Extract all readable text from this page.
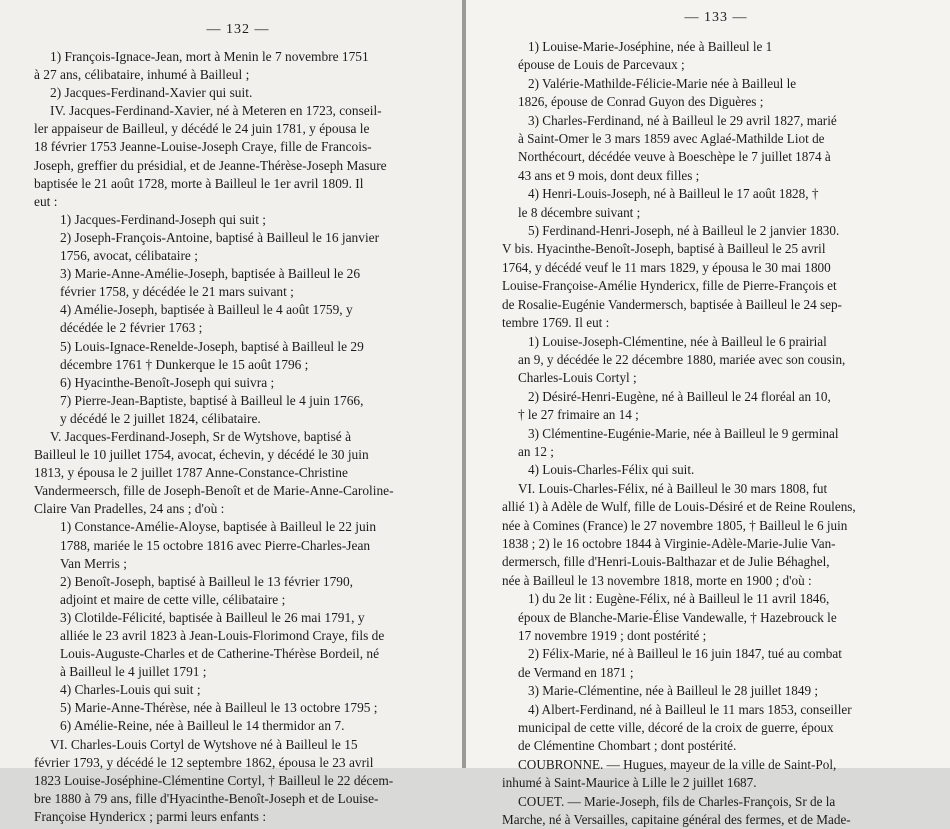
— 132 —
1) François-Ignace-Jean, mort à Menin le 7 novembre 1751
à 27 ans, célibataire, inhumé à Bailleul ;
2) Jacques-Ferdinand-Xavier qui suit.
IV. Jacques-Ferdinand-Xavier, né à Meteren en 1723, conseil-
ler appaiseur de Bailleul, y décédé le 24 juin 1781, y épousa le
18 février 1753 Jeanne-Louise-Joseph Craye, fille de Francois-
Joseph, greffier du présidial, et de Jeanne-Thérèse-Joseph Masure
baptisée le 21 août 1728, morte à Bailleul le 1er avril 1809. Il
eut :
1) Jacques-Ferdinand-Joseph qui suit ;
2) Joseph-François-Antoine, baptisé à Bailleul le 16 janvier
1756, avocat, célibataire ;
3) Marie-Anne-Amélie-Joseph, baptisée à Bailleul le 26
février 1758, y décédée le 21 mars suivant ;
4) Amélie-Joseph, baptisée à Bailleul le 4 août 1759, y
décédée le 2 février 1763 ;
5) Louis-Ignace-Renelde-Joseph, baptisé à Bailleul le 29
décembre 1761 † Dunkerque le 15 août 1796 ;
6) Hyacinthe-Benoît-Joseph qui suivra ;
7) Pierre-Jean-Baptiste, baptisé à Bailleul le 4 juin 1766,
y décédé le 2 juillet 1824, célibataire.
V. Jacques-Ferdinand-Joseph, Sr de Wytshove, baptisé à
Bailleul le 10 juillet 1754, avocat, échevin, y décédé le 30 juin
1813, y épousa le 2 juillet 1787 Anne-Constance-Christine
Vandermeersch, fille de Joseph-Benoît et de Marie-Anne-Caroline-
Claire Van Pradelles, 24 ans ; d'où :
1) Constance-Amélie-Aloyse, baptisée à Bailleul le 22 juin
1788, mariée le 15 octobre 1816 avec Pierre-Charles-Jean
Van Merris ;
2) Benoît-Joseph, baptisé à Bailleul le 13 février 1790,
adjoint et maire de cette ville, célibataire ;
3) Clotilde-Félicité, baptisée à Bailleul le 26 mai 1791, y
alliée le 23 avril 1823 à Jean-Louis-Florimond Craye, fils de
Louis-Auguste-Charles et de Catherine-Thérèse Bordeil, né
à Bailleul le 4 juillet 1791 ;
4) Charles-Louis qui suit ;
5) Marie-Anne-Thérèse, née à Bailleul le 13 octobre 1795 ;
6) Amélie-Reine, née à Bailleul le 14 thermidor an 7.
VI. Charles-Louis Cortyl de Wytshove né à Bailleul le 15
février 1793, y décédé le 12 septembre 1862, épousa le 23 avril
1823 Louise-Joséphine-Clémentine Cortyl, † Bailleul le 22 décem-
bre 1880 à 79 ans, fille d'Hyacinthe-Benoît-Joseph et de Louise-
Françoise Hyndericx ; parmi leurs enfants :
— 133 —
1) Louise-Marie-Joséphine, née à Bailleul le 1
épouse de Louis de Parcevaux ;
2) Valérie-Mathilde-Félicie-Marie née à Bailleul le
1826, épouse de Conrad Guyon des Diguères ;
3) Charles-Ferdinand, né à Bailleul le 29 avril 1827, marié
à Saint-Omer le 3 mars 1859 avec Aglaé-Mathilde Liot de
Northécourt, décédée veuve à Boeschèpe le 7 juillet 1874 à
43 ans et 9 mois, dont deux filles ;
4) Henri-Louis-Joseph, né à Bailleul le 17 août 1828, †
le 8 décembre suivant ;
5) Ferdinand-Henri-Joseph, né à Bailleul le 2 janvier 1830.
V bis. Hyacinthe-Benoît-Joseph, baptisé à Bailleul le 25 avril
1764, y décédé veuf le 11 mars 1829, y épousa le 30 mai 1800
Louise-Françoise-Amélie Hyndericx, fille de Pierre-François et
de Rosalie-Eugénie Vandermersch, baptisée à Bailleul le 24 sep-
tembre 1769. Il eut :
1) Louise-Joseph-Clémentine, née à Bailleul le 6 prairial
an 9, y décédée le 22 décembre 1880, mariée avec son cousin,
Charles-Louis Cortyl ;
2) Désiré-Henri-Eugène, né à Bailleul le 24 floréal an 10,
† le 27 frimaire an 14 ;
3) Clémentine-Eugénie-Marie, née à Bailleul le 9 germinal
an 12 ;
4) Louis-Charles-Félix qui suit.
VI. Louis-Charles-Félix, né à Bailleul le 30 mars 1808, fut
allié 1) à Adèle de Wulf, fille de Louis-Désiré et de Reine Roulens,
née à Comines (France) le 27 novembre 1805, † Bailleul le 6 juin
1838 ; 2) le 16 octobre 1844 à Virginie-Adèle-Marie-Julie Van-
dermersch, fille d'Henri-Louis-Balthazar et de Julie Béhaghel,
née à Bailleul le 13 novembre 1818, morte en 1900 ; d'où :
1) du 2e lit : Eugène-Félix, né à Bailleul le 11 avril 1846,
époux de Blanche-Marie-Élise Vandewalle, † Hazebrouck le
17 novembre 1919 ; dont postérité ;
2) Félix-Marie, né à Bailleul le 16 juin 1847, tué au combat
de Vermand en 1871 ;
3) Marie-Clémentine, née à Bailleul le 28 juillet 1849 ;
4) Albert-Ferdinand, né à Bailleul le 11 mars 1853, conseiller
municipal de cette ville, décoré de la croix de guerre, époux
de Clémentine Chombart ; dont postérité.
COUBRONNE. — Hugues, mayeur de la ville de Saint-Pol,
inhumé à Saint-Maurice à Lille le 2 juillet 1687.
COUET. — Marie-Joseph, fils de Charles-François, Sr de la
Marche, né à Versailles, capitaine général des fermes, et de Made-
